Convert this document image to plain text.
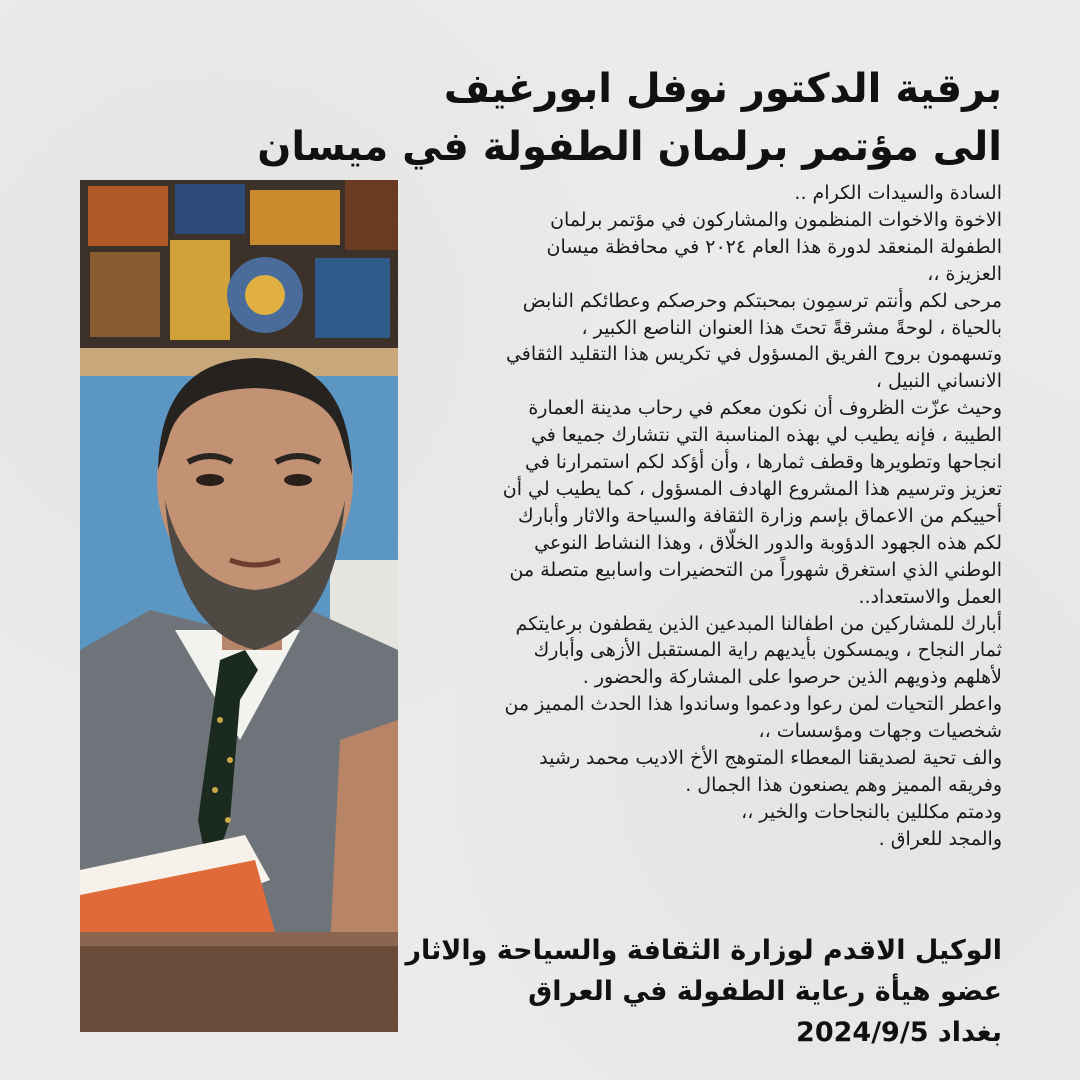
برقية الدكتور نوفل ابورغيف
الى مؤتمر برلمان الطفولة في ميسان
السادة والسيدات الكرام ..
الاخوة والاخوات المنظمون والمشاركون في مؤتمر برلمان
الطفولة المنعقد لدورة هذا العام ٢٠٢٤ في محافظة ميسان
العزيزة ،،
مرحى لكم وأنتم ترسمِون بمحبتكم وحرصكم وعطائكم النابض
بالحياة ، لوحةً مشرقةً تحتَ هذا العنوان الناصع الكبير ،
وتسهمون بروح الفريق المسؤول في تكريس هذا التقليد الثقافي
الانساني النبيل ،
وحيث عزّت الظروف أن نكون معكم في رحاب مدينة العمارة
الطيبة ، فإنه يطيب لي بهذه المناسبة التي نتشارك جميعا في
انجاحها وتطويرها وقطف ثمارها ، وأن أؤكد لكم استمرارنا في
تعزيز وترسيم هذا المشروع الهادف المسؤول ، كما يطيب لي أن
أحييكم من الاعماق بإسم وزارة الثقافة والسياحة والاثار وأبارك
لكم هذه الجهود الدؤوبة والدور الخلّاق ، وهذا النشاط النوعي
الوطني الذي استغرق شهوراً من التحضيرات واسابيع متصلة من
العمل والاستعداد..
أبارك للمشاركين من اطفالنا المبدعين الذين يقطفون برعايتكم
ثمار النجاح ، ويمسكون بأيديهم راية المستقبل الأزهى وأبارك
لأهلهم وذويهم الذين حرصوا على المشاركة والحضور .
واعطر التحيات لمن رعوا ودعموا وساندوا هذا الحدث المميز من
شخصيات وجهات ومؤسسات ،،
والف تحية لصديقنا المعطاء المتوهج الأخ الاديب محمد رشيد
وفريقه المميز وهم يصنعون هذا الجمال .
ودمتم مكللين بالنجاحات والخير ،،
والمجد للعراق .
الوكيل الاقدم لوزارة الثقافة والسياحة والاثار
عضو هيأة رعاية الطفولة في العراق
بغداد 2024/9/5
